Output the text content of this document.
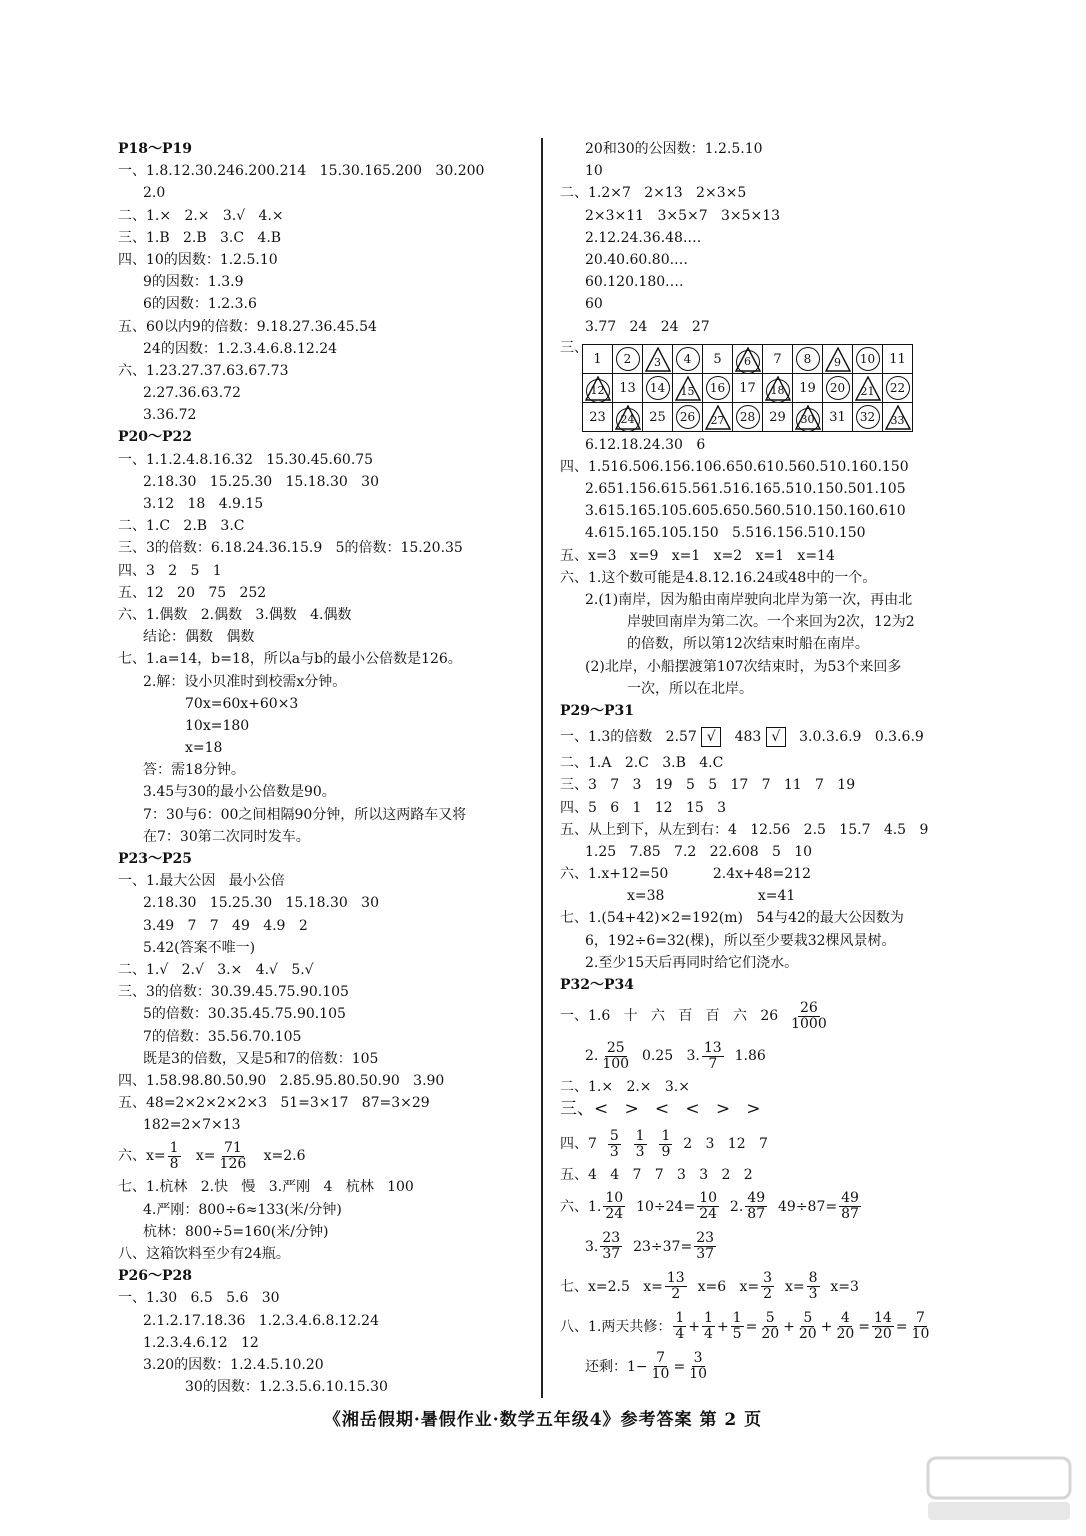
P18～P19
一、1.8.12.30.246.200.214   15.30.165.200   30.200
2.0
二、1.×   2.×   3.√   4.×
三、1.B   2.B   3.C   4.B
四、10的因数：1.2.5.10
9的因数：1.3.9
6的因数：1.2.3.6
五、60以内9的倍数：9.18.27.36.45.54
24的因数：1.2.3.4.6.8.12.24
六、1.23.27.37.63.67.73
2.27.36.63.72
3.36.72
P20～P22
一、1.1.2.4.8.16.32   15.30.45.60.75
2.18.30   15.25.30   15.18.30   30
3.12   18   4.9.15
二、1.C   2.B   3.C
三、3的倍数：6.18.24.36.15.9   5的倍数：15.20.35
四、3   2   5   1
五、12   20   75   252
六、1.偶数   2.偶数   3.偶数   4.偶数
结论：偶数   偶数
七、1.a=14，b=18，所以a与b的最小公倍数是126。
2.解：设小贝准时到校需x分钟。
70x=60x+60×3
10x=180
x=18
答：需18分钟。
3.45与30的最小公倍数是90。
7：30与6：00之间相隔90分钟，所以这两路车又将
在7：30第二次同时发车。
P23～P25
一、1.最大公因   最小公倍
2.18.30   15.25.30   15.18.30   30
3.49   7   7   49   4.9   2
5.42(答案不唯一)
二、1.√   2.√   3.×   4.√   5.√
三、3的倍数：30.39.45.75.90.105
5的倍数：30.35.45.75.90.105
7的倍数：35.56.70.105
既是3的倍数，又是5和7的倍数：105
四、1.58.98.80.50.90   2.85.95.80.50.90   3.90
五、48=2×2×2×2×3   51=3×17   87=3×29
182=2×7×13
六、$x= \frac{1}{8} x= \frac{71}{126} x=2.6$
七、1.杭林   2.快   慢   3.严刚   4   杭林   100
4.严刚：800÷6≈133(米/分钟)
杭林：800÷5=160(米/分钟)
八、这箱饮料至少有24瓶。
P26～P28
一、1.30   6.5   5.6   30
2.1.2.17.18.36   1.2.3.4.6.8.12.24
1.2.3.4.6.12   12
3.20的因数：1.2.4.5.10.20
30的因数：1.2.3.5.6.10.15.30
20和30的公因数：1.2.5.10
10
二、1.2×7   2×13   2×3×5
2×3×11   3×5×7   3×5×13
2.12.24.36.48.…
20.40.60.80.…
60.120.180.…
60
3.77   24   24   27
三、
6.12.18.24.30   6
四、1.516.506.156.106.650.610.560.510.160.150
2.651.156.615.561.516.165.510.150.501.105
3.615.165.105.605.650.560.510.150.160.610
4.615.165.105.150   5.516.156.510.150
五、x=3   x=9   x=1   x=2   x=1   x=14
六、1.这个数可能是4.8.12.16.24或48中的一个。
2.(1)南岸，因为船由南岸驶向北岸为第一次，再由北
岸驶回南岸为第二次。一个来回为2次，12为2
的倍数，所以第12次结束时船在南岸。
(2)北岸，小船摆渡第107次结束时，为53个来回多
一次，所以在北岸。
P29～P31
一、1.3的倍数   2.57 √   483 √   3.0.3.6.9   0.3.6.9
二、1.A   2.C   3.B   4.C
三、3   7   3   19   5   5   17   7   11   7   19
四、5   6   1   12   15   3
五、从上到下，从左到右：4   12.56   2.5   15.7   4.5   9
1.25   7.85   7.2   22.608   5   10
六、1.x+12=50          2.4x+48=212
x=38                     x=41
七、1.(54+42)×2=192(m)   54与42的最大公因数为
6，192÷6=32(棵)，所以至少要栽32棵风景树。
2.至少15天后再同时给它们浇水。
P32～P34
一、1.6   十   六   百   百   六   $26 \frac{26}{1000}$
2. $\frac{25}{100} 0.25$   3. $\frac{13}{7} 1.86$
二、1.×   2.×   3.×
三、<   >   <   <   >   >
四、$7 \frac{5}{3}$
$\frac{1}{3}$
$\frac{1}{9} 2$   3   12   7
五、4   4   7   7   3   3   2   2
六、1. $\frac{10}{24} 10\div 24= \frac{10}{24} 2$. $\frac{49}{87} 49\div 87= \frac{49}{87}$
3. $\frac{23}{37} 23\div 37= \frac{23}{37}$
七、x=2.5   $x= \frac{13}{2} x=6$   $x= \frac{3}{2} x= \frac{8}{3} x=3$
八、1.两天共修： $\frac{1}{4} + \frac{1}{4} + \frac{1}{5} = \frac{5}{20} + \frac{5}{20} + \frac{4}{20} = \frac{14}{20} = \frac{7}{10}$
还剩：$1- \frac{7}{10} = \frac{3}{10}$
1	2	$_3$	4	5	6	7	8	$_9$	10	11
12	13	14	$_{15}$	16	17	18	19	20	$_{21}$	22
23	24	25	26	$_{27}$	28	29	30	31	32	$_{33}$
《湘岳假期·暑假作业·数学五年级4》参考答案 第 2 页
